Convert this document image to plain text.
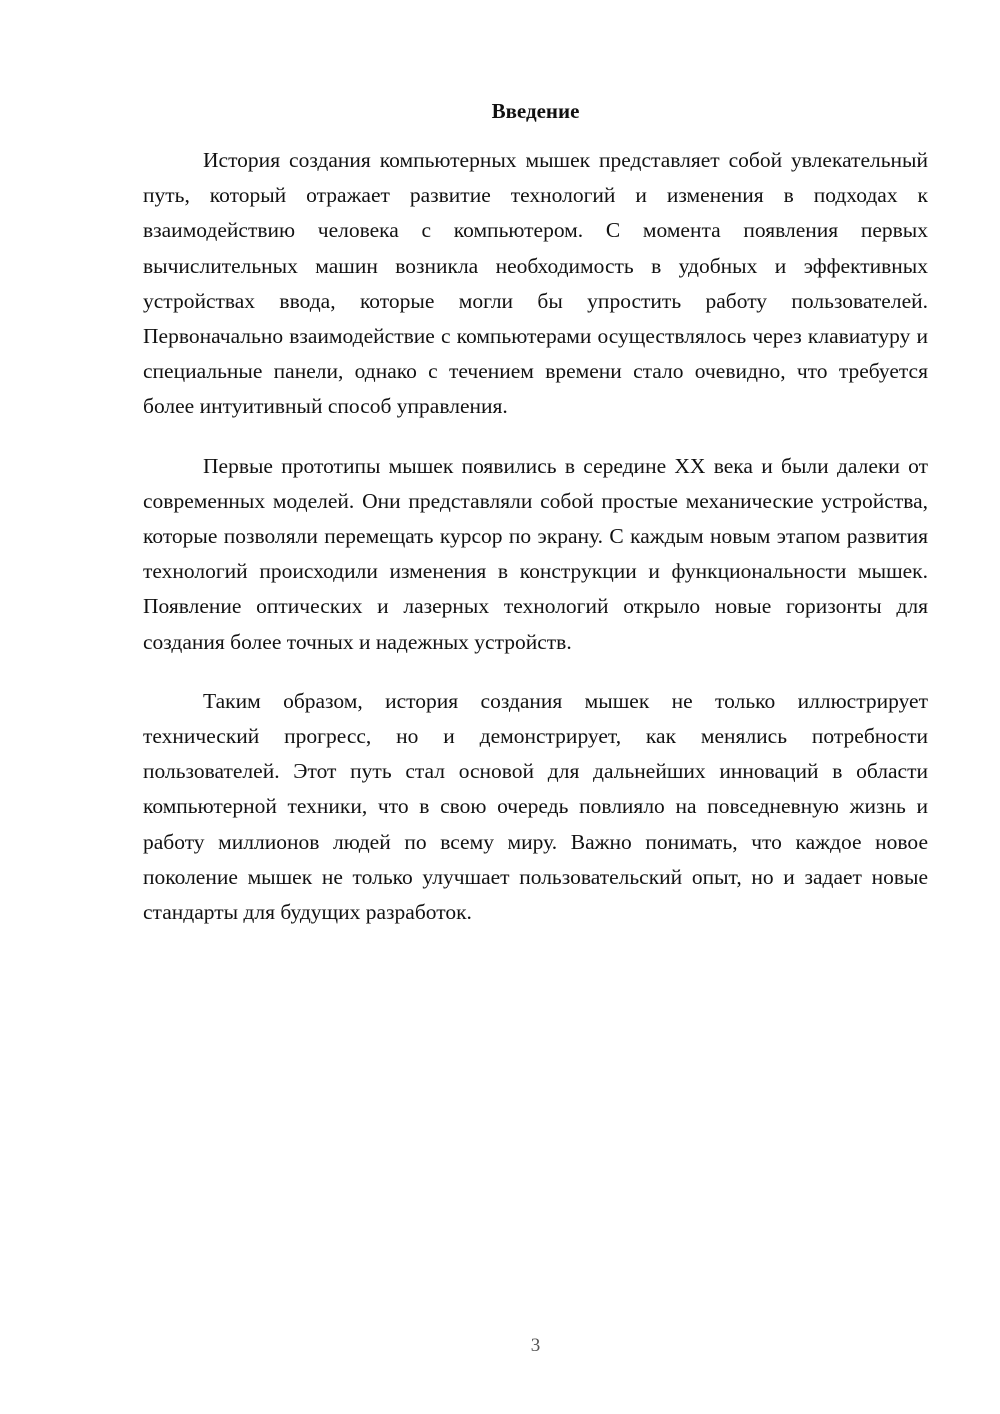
Введение

История создания компьютерных мышек представляет собой увлекательный путь, который отражает развитие технологий и изменения в подходах к взаимодействию человека с компьютером. С момента появления первых вычислительных машин возникла необходимость в удобных и эффективных устройствах ввода, которые могли бы упростить работу пользователей. Первоначально взаимодействие с компьютерами осуществлялось через клавиатуру и специальные панели, однако с течением времени стало очевидно, что требуется более интуитивный способ управления.

Первые прототипы мышек появились в середине XX века и были далеки от современных моделей. Они представляли собой простые механические устройства, которые позволяли перемещать курсор по экрану. С каждым новым этапом развития технологий происходили изменения в конструкции и функциональности мышек. Появление оптических и лазерных технологий открыло новые горизонты для создания более точных и надежных устройств.

Таким образом, история создания мышек не только иллюстрирует технический прогресс, но и демонстрирует, как менялись потребности пользователей. Этот путь стал основой для дальнейших инноваций в области компьютерной техники, что в свою очередь повлияло на повседневную жизнь и работу миллионов людей по всему миру. Важно понимать, что каждое новое поколение мышек не только улучшает пользовательский опыт, но и задает новые стандарты для будущих разработок.

3
